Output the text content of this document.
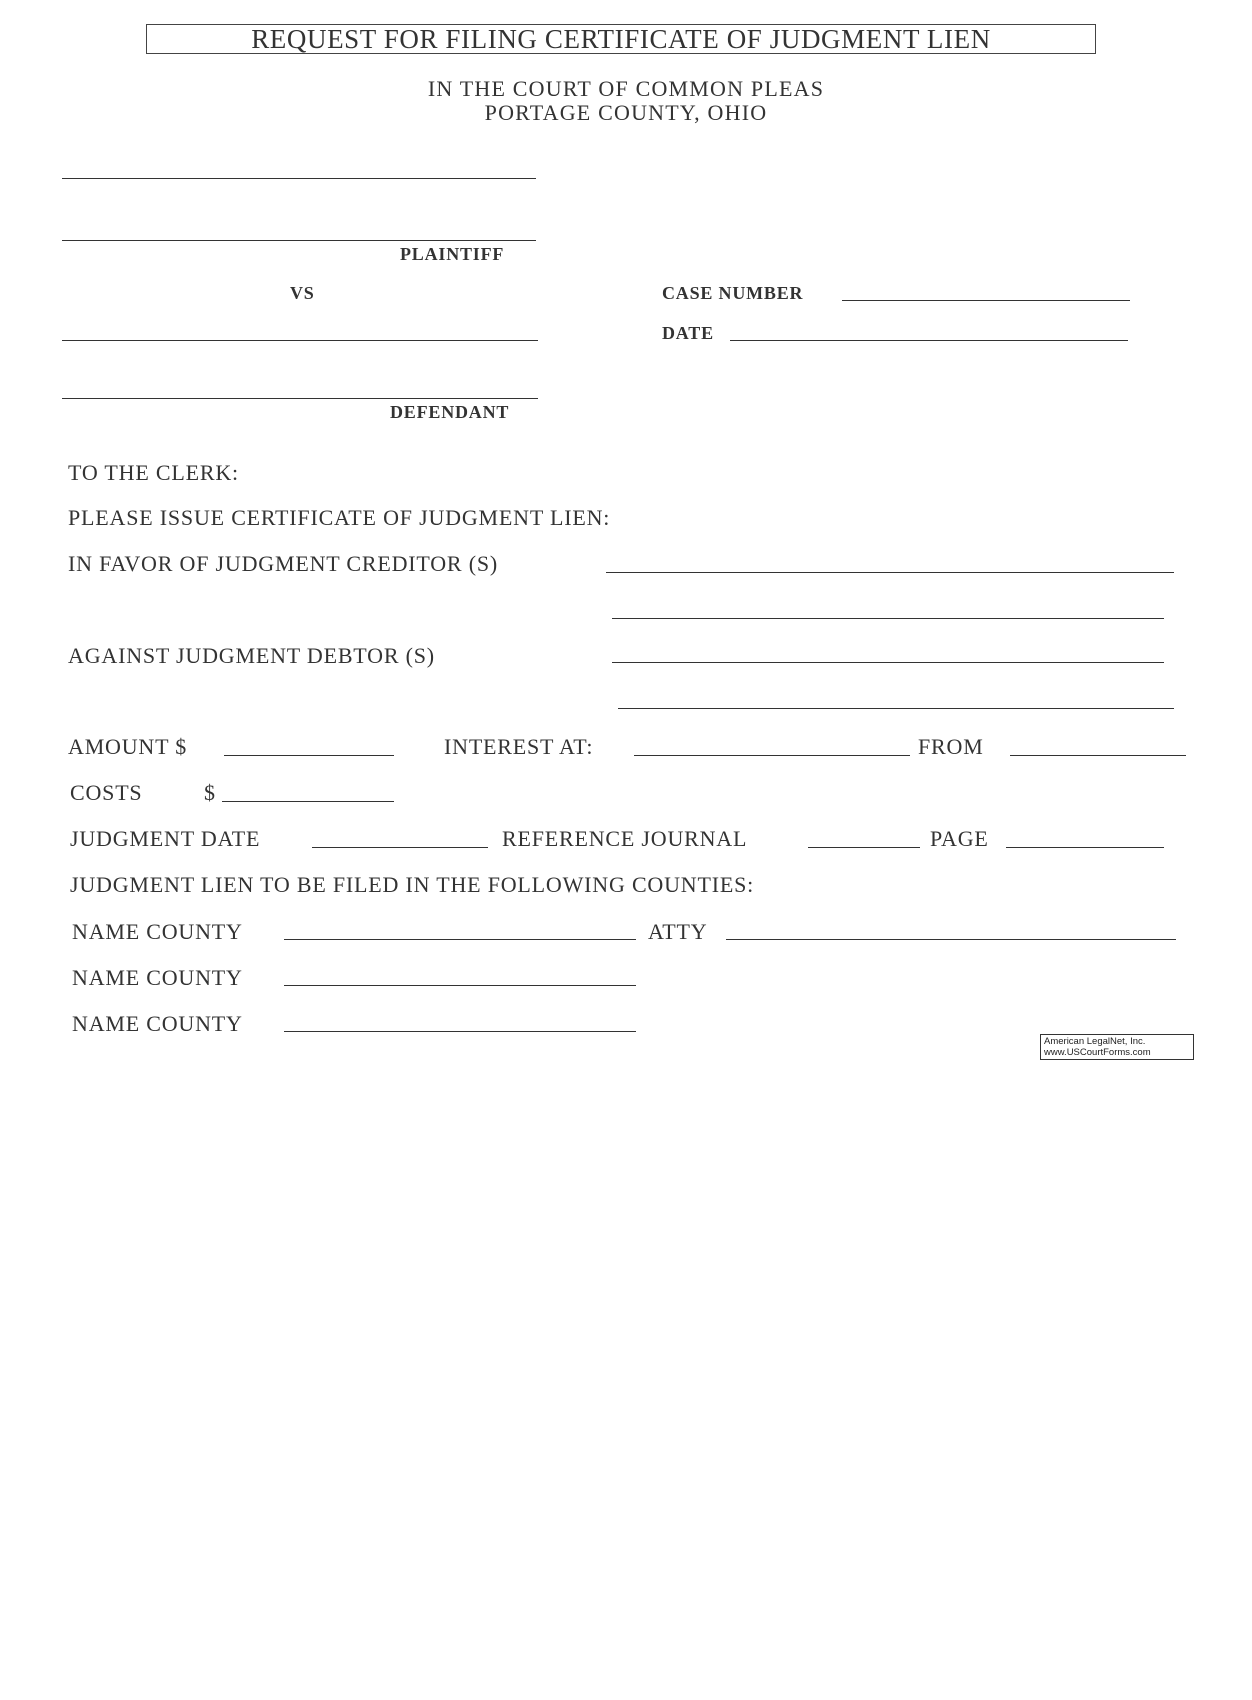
REQUEST FOR FILING CERTIFICATE OF JUDGMENT LIEN
IN THE COURT OF COMMON PLEAS
PORTAGE COUNTY, OHIO
PLAINTIFF
VS	CASE NUMBER
DATE
DEFENDANT
TO THE CLERK:
PLEASE ISSUE CERTIFICATE OF JUDGMENT LIEN:
IN FAVOR OF JUDGMENT CREDITOR (S)
AGAINST JUDGMENT DEBTOR (S)
AMOUNT $	INTEREST AT:	FROM
COSTS	$
JUDGMENT DATE	REFERENCE JOURNAL	PAGE
JUDGMENT LIEN TO BE FILED IN THE FOLLOWING COUNTIES:
NAME COUNTY	ATTY
NAME COUNTY
NAME COUNTY
American LegalNet, Inc.
www.USCourtForms.com
